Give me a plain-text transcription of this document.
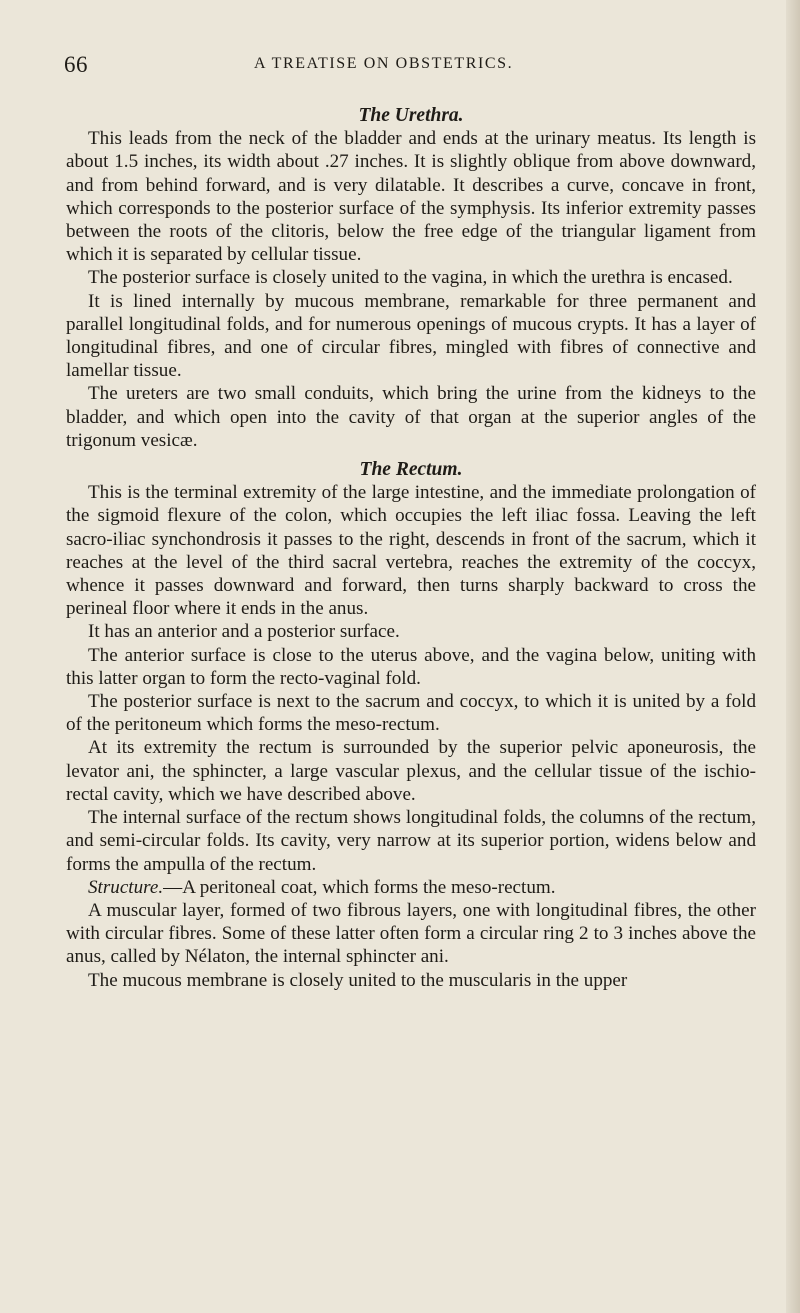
66	A TREATISE ON OBSTETRICS.
The Urethra.

This leads from the neck of the bladder and ends at the urinary meatus. Its length is about 1.5 inches, its width about .27 inches. It is slightly oblique from above downward, and from behind forward, and is very dilatable. It describes a curve, concave in front, which corresponds to the posterior surface of the symphysis. Its inferior extremity passes between the roots of the clitoris, below the free edge of the triangular ligament from which it is separated by cellular tissue.

The posterior surface is closely united to the vagina, in which the urethra is encased.

It is lined internally by mucous membrane, remarkable for three permanent and parallel longitudinal folds, and for numerous openings of mucous crypts. It has a layer of longitudinal fibres, and one of circular fibres, mingled with fibres of connective and lamellar tissue.

The ureters are two small conduits, which bring the urine from the kidneys to the bladder, and which open into the cavity of that organ at the superior angles of the trigonum vesicæ.

The Rectum.

This is the terminal extremity of the large intestine, and the immediate prolongation of the sigmoid flexure of the colon, which occupies the left iliac fossa. Leaving the left sacro-iliac synchondrosis it passes to the right, descends in front of the sacrum, which it reaches at the level of the third sacral vertebra, reaches the extremity of the coccyx, whence it passes downward and forward, then turns sharply backward to cross the perineal floor where it ends in the anus.

It has an anterior and a posterior surface.

The anterior surface is close to the uterus above, and the vagina below, uniting with this latter organ to form the recto-vaginal fold.

The posterior surface is next to the sacrum and coccyx, to which it is united by a fold of the peritoneum which forms the meso-rectum.

At its extremity the rectum is surrounded by the superior pelvic aponeurosis, the levator ani, the sphincter, a large vascular plexus, and the cellular tissue of the ischio-rectal cavity, which we have described above.

The internal surface of the rectum shows longitudinal folds, the columns of the rectum, and semi-circular folds. Its cavity, very narrow at its superior portion, widens below and forms the ampulla of the rectum.

Structure.—A peritoneal coat, which forms the meso-rectum.

A muscular layer, formed of two fibrous layers, one with longitudinal fibres, the other with circular fibres. Some of these latter often form a circular ring 2 to 3 inches above the anus, called by Nélaton, the internal sphincter ani.

The mucous membrane is closely united to the muscularis in the upper
